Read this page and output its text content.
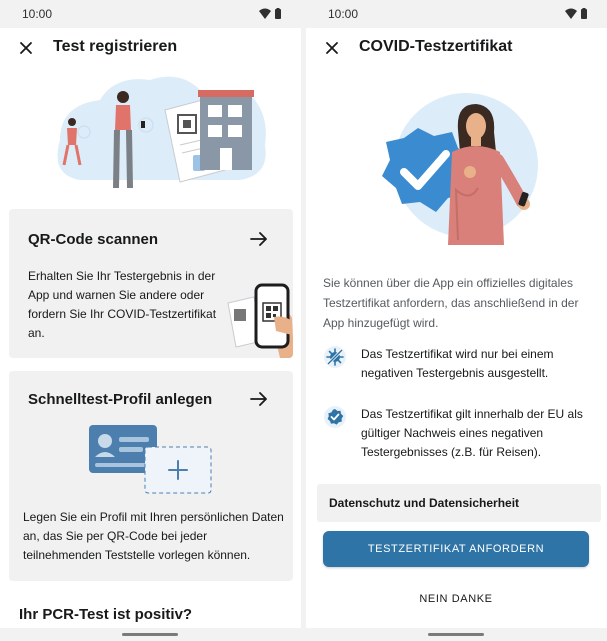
10:00
Test registrieren
QR-Code scannen

Erhalten Sie Ihr Testergebnis in der App und warnen Sie andere oder fordern Sie Ihr COVID-Testzertifikat an.

Schnelltest-Profil anlegen

Legen Sie ein Profil mit Ihren persönlichen Daten an, das Sie per QR-Code bei jeder teilnehmenden Teststelle vorlegen können.

Ihr PCR-Test ist positiv?
10:00
COVID-Testzertifikat

Sie können über die App ein offizielles digitales Testzertifikat anfordern, das anschließend in der App hinzugefügt wird.

Das Testzertifikat wird nur bei einem negativen Testergebnis ausgestellt.

Das Testzertifikat gilt innerhalb der EU als gültiger Nachweis eines negativen Testergebnisses (z.B. für Reisen).

Datenschutz und Datensicherheit
TESTZERTIFIKAT ANFORDERN
NEIN DANKE
